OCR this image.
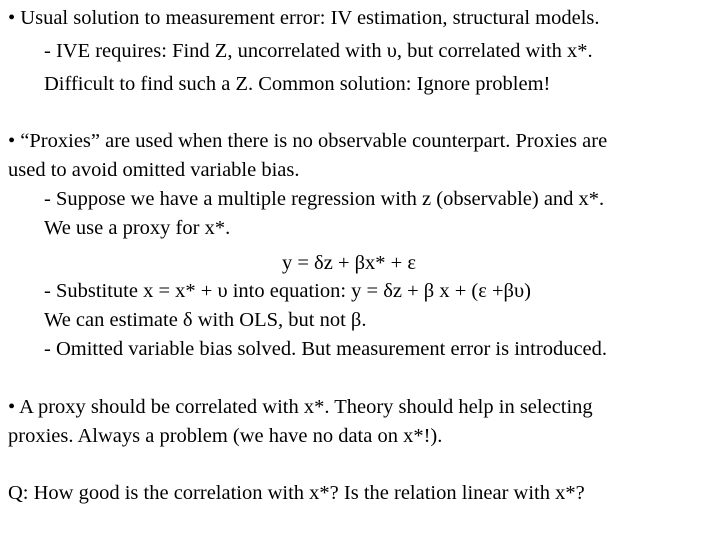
• Usual solution to measurement error: IV estimation, structural models.
- IVE requires: Find Z, uncorrelated with υ, but correlated with x*.
Difficult to find such a Z. Common solution: Ignore problem!
• “Proxies” are used when there is no observable counterpart. Proxies are
used to avoid omitted variable bias.
- Suppose we have a multiple regression with z (observable) and x*.
We use a proxy for x*.
y = δz + βx* + ε
- Substitute x = x* + υ into equation: y = δz + β x + (ε +βυ)
We can estimate δ with OLS, but not β.
- Omitted variable bias solved. But measurement error is introduced.
• A proxy should be correlated with x*. Theory should help in selecting
proxies. Always a problem (we have no data on x*!).
Q: How good is the correlation with x*? Is the relation linear with x*?
